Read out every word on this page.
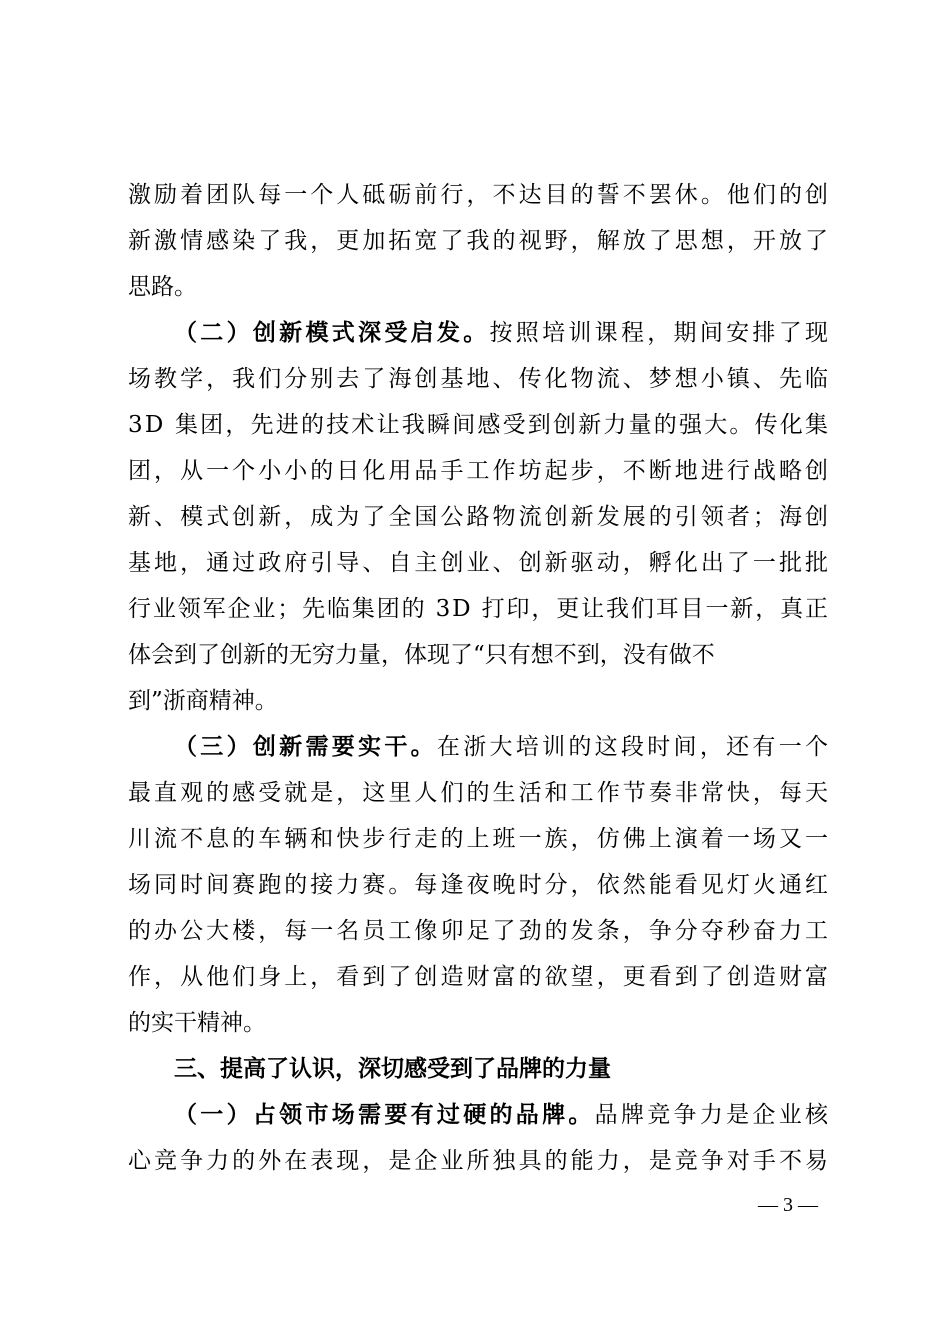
激励着团队每一个人砥砺前行，不达目的誓不罢休。他们的创
新激情感染了我，更加拓宽了我的视野，解放了思想，开放了
思路。
（二）创新模式深受启发。按照培训课程，期间安排了现
场教学，我们分别去了海创基地、传化物流、梦想小镇、先临
3D 集团，先进的技术让我瞬间感受到创新力量的强大。传化集
团，从一个小小的日化用品手工作坊起步，不断地进行战略创
新、模式创新，成为了全国公路物流创新发展的引领者；海创
基地，通过政府引导、自主创业、创新驱动，孵化出了一批批
行业领军企业；先临集团的 3D 打印，更让我们耳目一新，真正
体会到了创新的无穷力量，体现了“只有想不到，没有做不
到”浙商精神。
（三）创新需要实干。在浙大培训的这段时间，还有一个
最直观的感受就是，这里人们的生活和工作节奏非常快，每天
川流不息的车辆和快步行走的上班一族，仿佛上演着一场又一
场同时间赛跑的接力赛。每逢夜晚时分，依然能看见灯火通红
的办公大楼，每一名员工像卯足了劲的发条，争分夺秒奋力工
作，从他们身上，看到了创造财富的欲望，更看到了创造财富
的实干精神。
三、提高了认识，深切感受到了品牌的力量
（一）占领市场需要有过硬的品牌。品牌竞争力是企业核
心竞争力的外在表现，是企业所独具的能力，是竞争对手不易
— 3 —
